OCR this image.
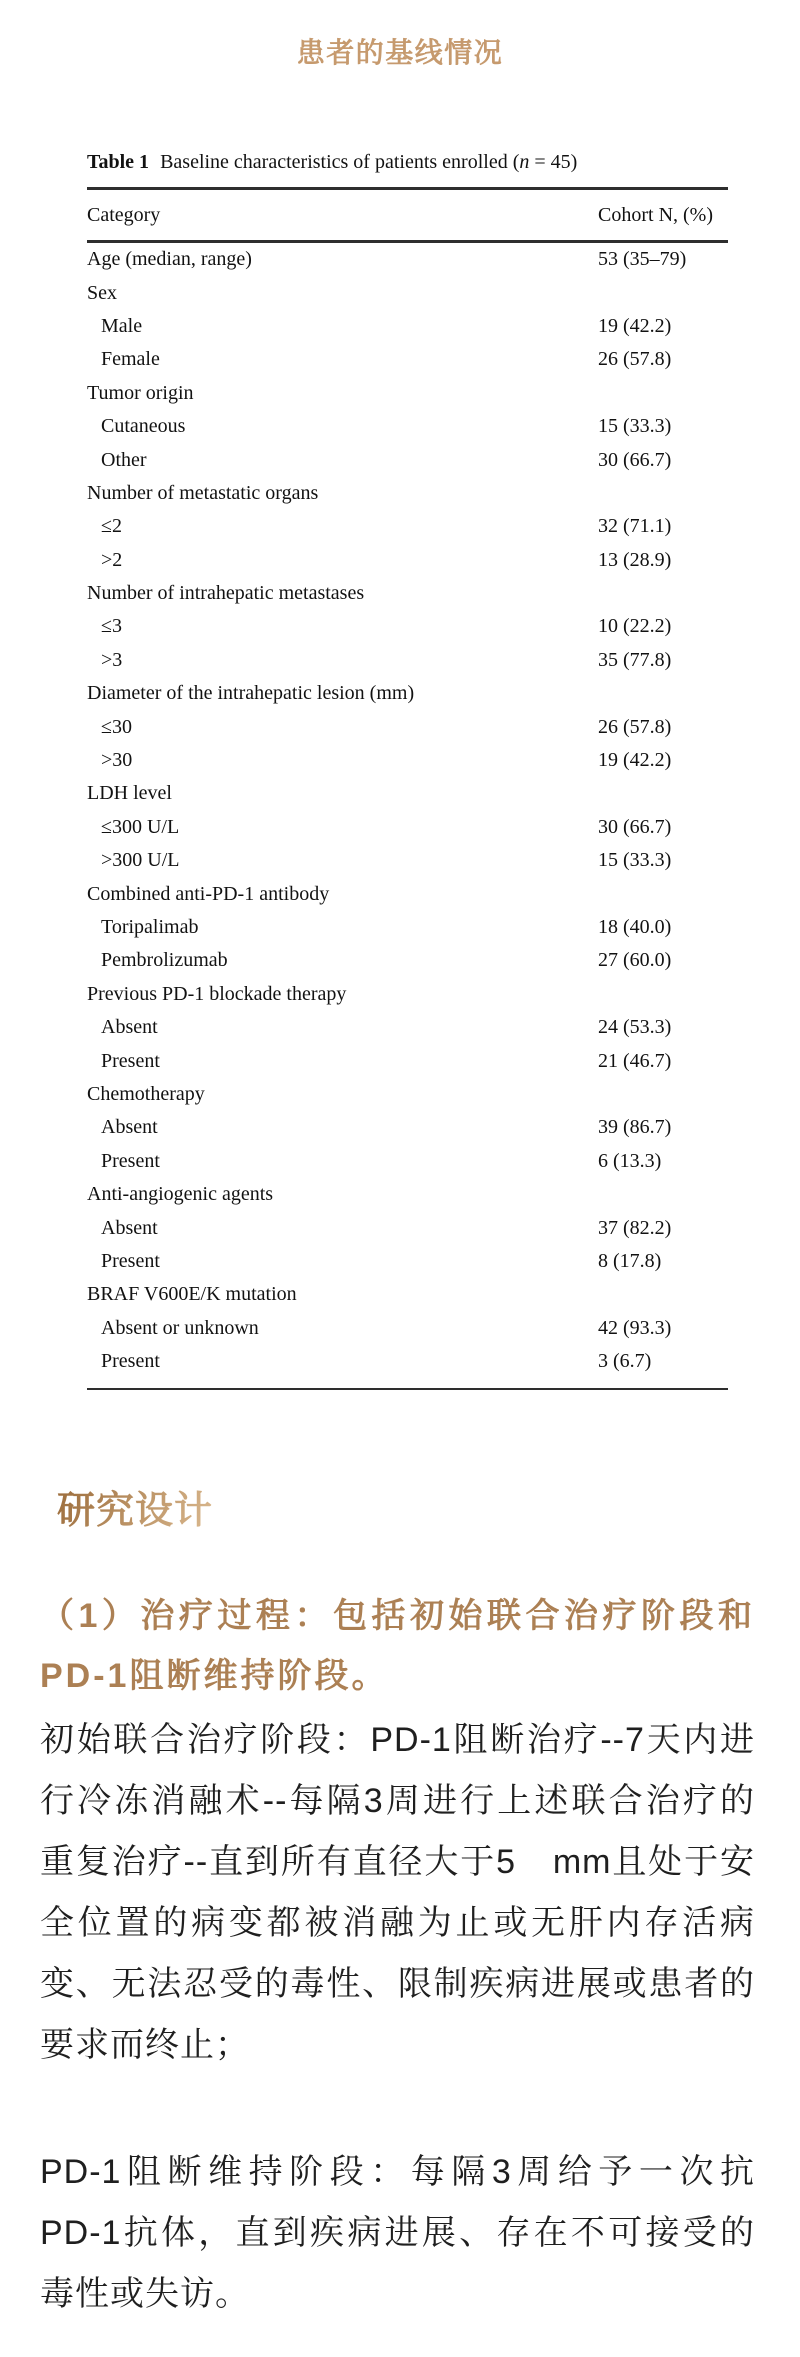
患者的基线情况
Table 1 Baseline characteristics of patients enrolled (n = 45)
Category	Cohort N, (%)
Age (median, range)	53 (35–79)
Sex
Male	19 (42.2)
Female	26 (57.8)
Tumor origin
Cutaneous	15 (33.3)
Other	30 (66.7)
Number of metastatic organs
≤2	32 (71.1)
>2	13 (28.9)
Number of intrahepatic metastases
≤3	10 (22.2)
>3	35 (77.8)
Diameter of the intrahepatic lesion (mm)
≤30	26 (57.8)
>30	19 (42.2)
LDH level
≤300 U/L	30 (66.7)
>300 U/L	15 (33.3)
Combined anti-PD-1 antibody
Toripalimab	18 (40.0)
Pembrolizumab	27 (60.0)
Previous PD-1 blockade therapy
Absent	24 (53.3)
Present	21 (46.7)
Chemotherapy
Absent	39 (86.7)
Present	6 (13.3)
Anti-angiogenic agents
Absent	37 (82.2)
Present	8 (17.8)
BRAF V600E/K mutation
Absent or unknown	42 (93.3)
Present	3 (6.7)
研究设计
（1）治疗过程：包括初始联合治疗阶段和
PD-1阻断维持阶段。
初始联合治疗阶段：PD-1阻断治疗--7天内进
行冷冻消融术--每隔3周进行上述联合治疗的
重复治疗--直到所有直径大于5　mm且处于安
全位置的病变都被消融为止或无肝内存活病
变、无法忍受的毒性、限制疾病进展或患者的
要求而终止；
PD-1阻断维持阶段：每隔3周给予一次抗
PD-1抗体，直到疾病进展、存在不可接受的
毒性或失访。
